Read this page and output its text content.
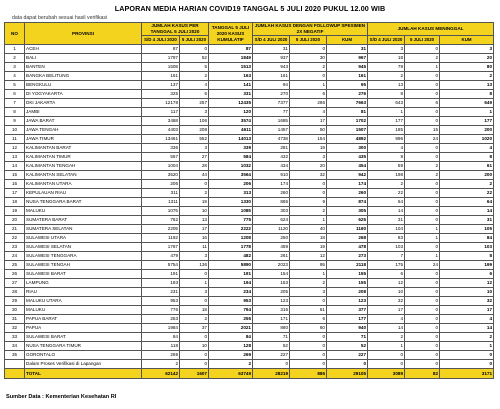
LAPORAN MEDIA HARIAN COVID19 TANGGAL 5 JULI 2020 PUKUL 12.00 WIB
data dapat berubah sesuai hasil verifikasi
NO	PROVINSI	JUMLAH KASUS PER TANGGAL 5 JULI 2020		TANGGAL 5 JULI 2020 KASUS KUMULATIF	JUMLAH KASUS DENGAN FOLLOWUP SPESIMEN 2X NEGATIF			JUMLAH KASUS MENINGGAL		
		S/D 4 JULI 2020	5 JULI 2020		S/D 4 JULI 2020	5 JULI 2020	KUM	S/D 4 JULI 2020	5 JULI 2020	KUM
1	ACEH	87	0	87	31	0	31	3	0	3
2	BALI	1797	52	1849	937	30	967	18	2	20
3	BANTEN	1508	5	1513	943	2	945	79	1	80
4	BANGKA BELITUNG	161	2	163	161	0	161	2	0	2
5	BENGKULU	137	4	141	94	1	95	13	0	13
6	DI YOGYAKARTA	325	6	331	270	6	276	8	0	8
7	DKI JAKARTA	12178	257	12435	7377	286	7663	643	6	649
8	JAMBI	117	3	120	77	4	81	1	0	1
9	JAWA BARAT	3468	106	3574	1685	17	1702	177	0	177
10	JAWA TENGAH	4403	208	4611	1457	50	1507	185	15	200
11	JAWA TIMUR	13461	552	14013	4738	154	4892	996	24	1020
12	KALIMANTAN BARAT	336	3	339	281	19	300	4	0	4
13	KALIMANTAN TIMUR	557	27	584	432	3	435	8	0	8
14	KALIMANTAN TENGAH	1004	28	1032	434	20	454	59	2	61
15	KALIMANTAN SELATAN	3520	44	3564	910	32	942	198	2	200
16	KALIMANTAN UTARA	206	0	206	174	0	174	2	0	2
17	KEPULAUAN RIAU	311	2	313	260	0	260	22	0	22
18	NUSA TENGGARA BARAT	1311	19	1330	865	9	874	64	0	64
19	MALUKU	1075	10	1085	303	2	305	14	0	14
20	SUMATERA BARAT	762	13	775	624	1	625	31	0	31
21	SUMATERA SELATAN	2205	17	2222	1120	40	1160	104	1	105
22	SULAWESI UTARA	1192	16	1208	250	18	268	83	1	84
23	SULAWESI SELATAN	1767	11	1778	459	19	478	103	0	103
24	SULAWESI TENGGARA	479	3	482	261	12	273	7	1	8
25	SULAWESI TENGAH	5754	136	5890	2023	95	2118	175	24	199
26	SULAWESI BARAT	191	0	191	154	1	155	6	0	6
27	LAMPUNG	193	1	194	153	2	155	12	0	12
28	RIAU	231	3	234	205	3	208	10	0	10
29	MALUKU UTARA	953	0	953	123	0	123	32	0	32
30	MALUKU	776	18	794	316	61	377	17	0	17
31	PAPUA BARAT	253	2	255	171	6	177	4	0	4
32	PAPUA	1984	37	2021	880	60	940	14	0	14
33	SULAWESI BARAT	84	0	84	71	0	71	2	0	2
34	NUSA TENGGARA TIMUR	118	10	128	52	0	52	1	0	1
35	GORONTALO	269	0	269	227	0	227	0	0	0
	Dalam Proses Verifikasi di Lapangan	2	0	2	0	0	0	0	0	0
	TOTAL	62142	1607	63749	28219	886	29105	3089	82	3171
Sumber Data : Kementerian Kesehatan RI
